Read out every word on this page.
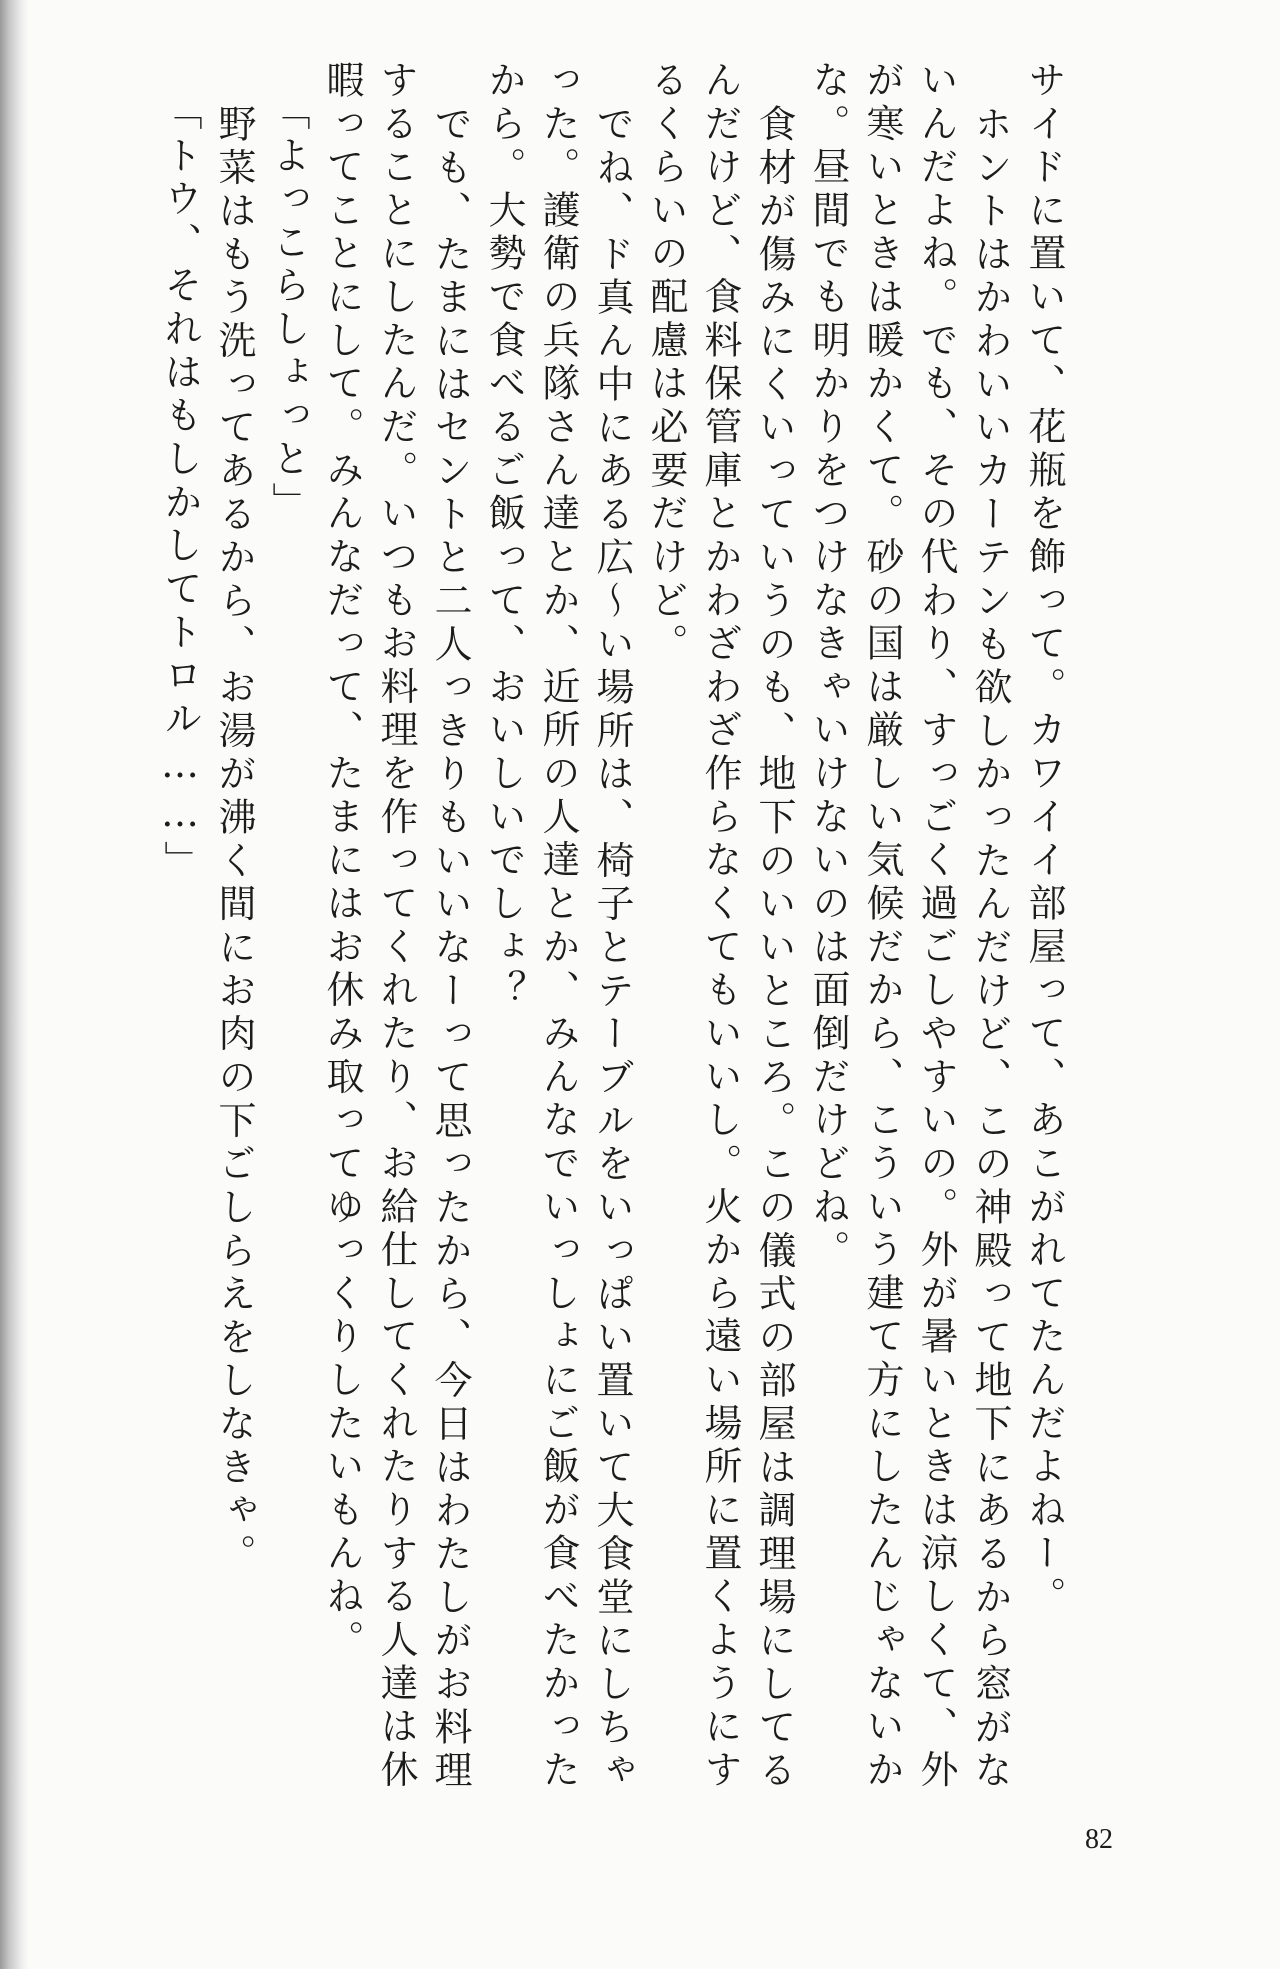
サイドに置いて、花瓶を飾って。カワイイ部屋って、あこがれてたんだよねー。
ホントはかわいいカーテンも欲しかったんだけど、この神殿って地下にあるから窓がな
いんだよね。でも、その代わり、すっごく過ごしやすいの。外が暑いときは涼しくて、外
が寒いときは暖かくて。砂の国は厳しい気候だから、こういう建て方にしたんじゃないか
な。昼間でも明かりをつけなきゃいけないのは面倒だけどね。
食材が傷みにくいっていうのも、地下のいいところ。この儀式の部屋は調理場にしてる
んだけど、食料保管庫とかわざわざ作らなくてもいいし。火から遠い場所に置くようにす
るくらいの配慮は必要だけど。
でね、ド真ん中にある広〜い場所は、椅子とテーブルをいっぱい置いて大食堂にしちゃ
った。護衛の兵隊さん達とか、近所の人達とか、みんなでいっしょにご飯が食べたかった
から。大勢で食べるご飯って、おいしいでしょ？
でも、たまにはセントと二人っきりもいいなーって思ったから、今日はわたしがお料理
することにしたんだ。いつもお料理を作ってくれたり、お給仕してくれたりする人達は休
暇ってことにして。みんなだって、たまにはお休み取ってゆっくりしたいもんね。
「よっこらしょっと」
野菜はもう洗ってあるから、お湯が沸く間にお肉の下ごしらえをしなきゃ。
「トウ、それはもしかしてトロル……」
82
